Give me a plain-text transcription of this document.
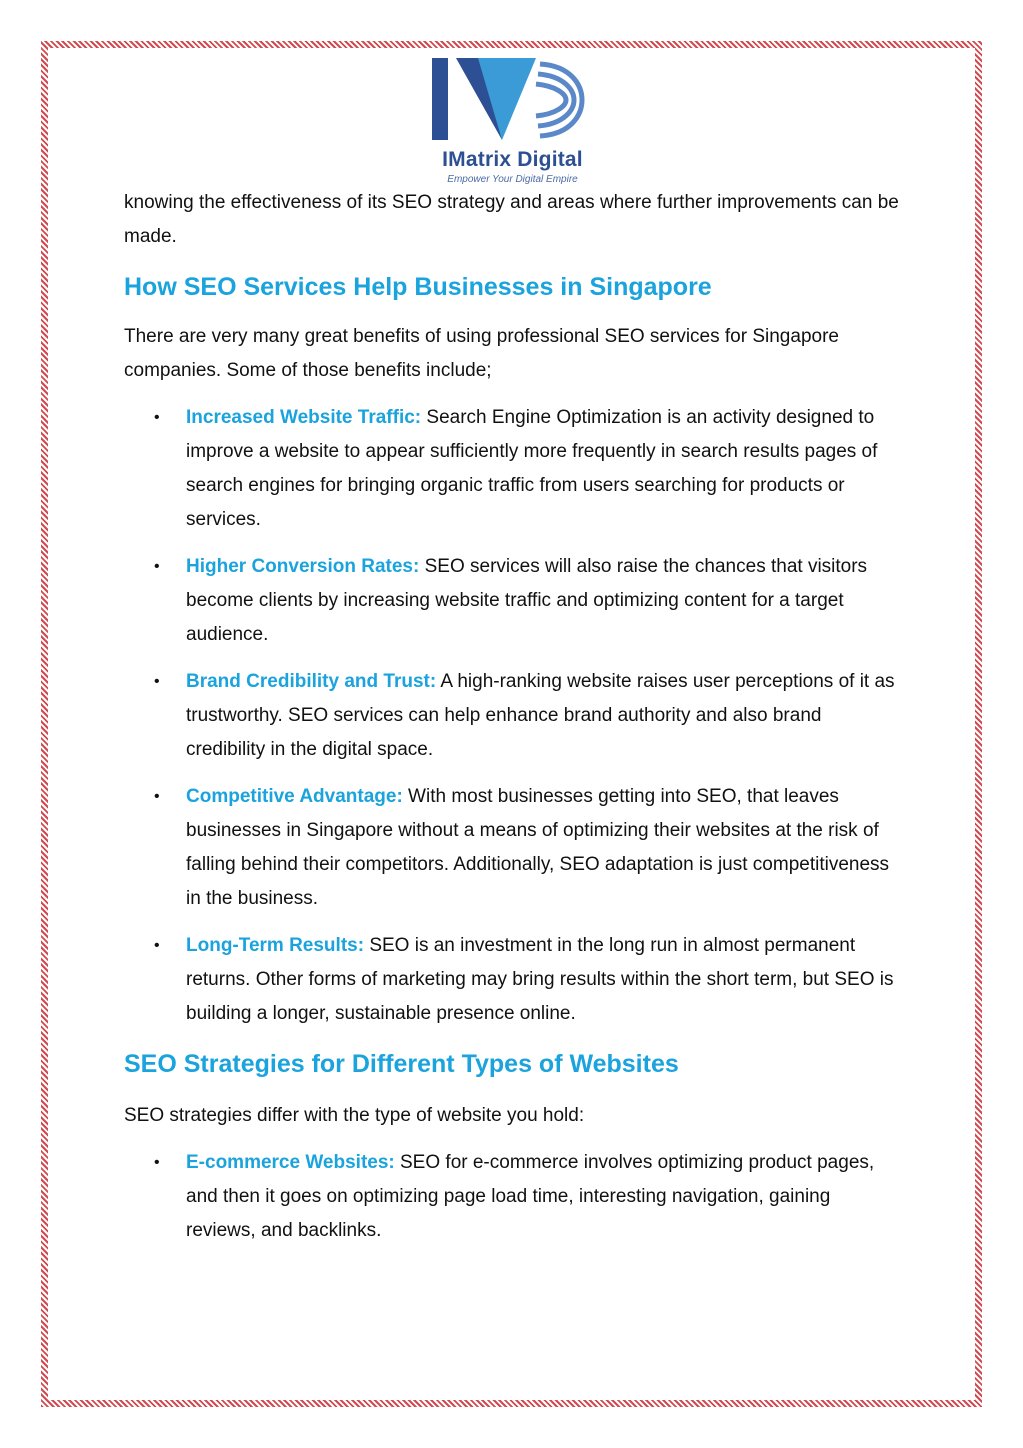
IMatrix Digital
Empower Your Digital Empire

knowing the effectiveness of its SEO strategy and areas where further improvements can be made.

How SEO Services Help Businesses in Singapore

There are very many great benefits of using professional SEO services for Singapore companies. Some of those benefits include;

• Increased Website Traffic: Search Engine Optimization is an activity designed to improve a website to appear sufficiently more frequently in search results pages of search engines for bringing organic traffic from users searching for products or services.
• Higher Conversion Rates: SEO services will also raise the chances that visitors become clients by increasing website traffic and optimizing content for a target audience.
• Brand Credibility and Trust: A high-ranking website raises user perceptions of it as trustworthy. SEO services can help enhance brand authority and also brand credibility in the digital space.
• Competitive Advantage: With most businesses getting into SEO, that leaves businesses in Singapore without a means of optimizing their websites at the risk of falling behind their competitors. Additionally, SEO adaptation is just competitiveness in the business.
• Long-Term Results: SEO is an investment in the long run in almost permanent returns. Other forms of marketing may bring results within the short term, but SEO is building a longer, sustainable presence online.
SEO Strategies for Different Types of Websites

SEO strategies differ with the type of website you hold:

• E-commerce Websites: SEO for e-commerce involves optimizing product pages, and then it goes on optimizing page load time, interesting navigation, gaining reviews, and backlinks.
